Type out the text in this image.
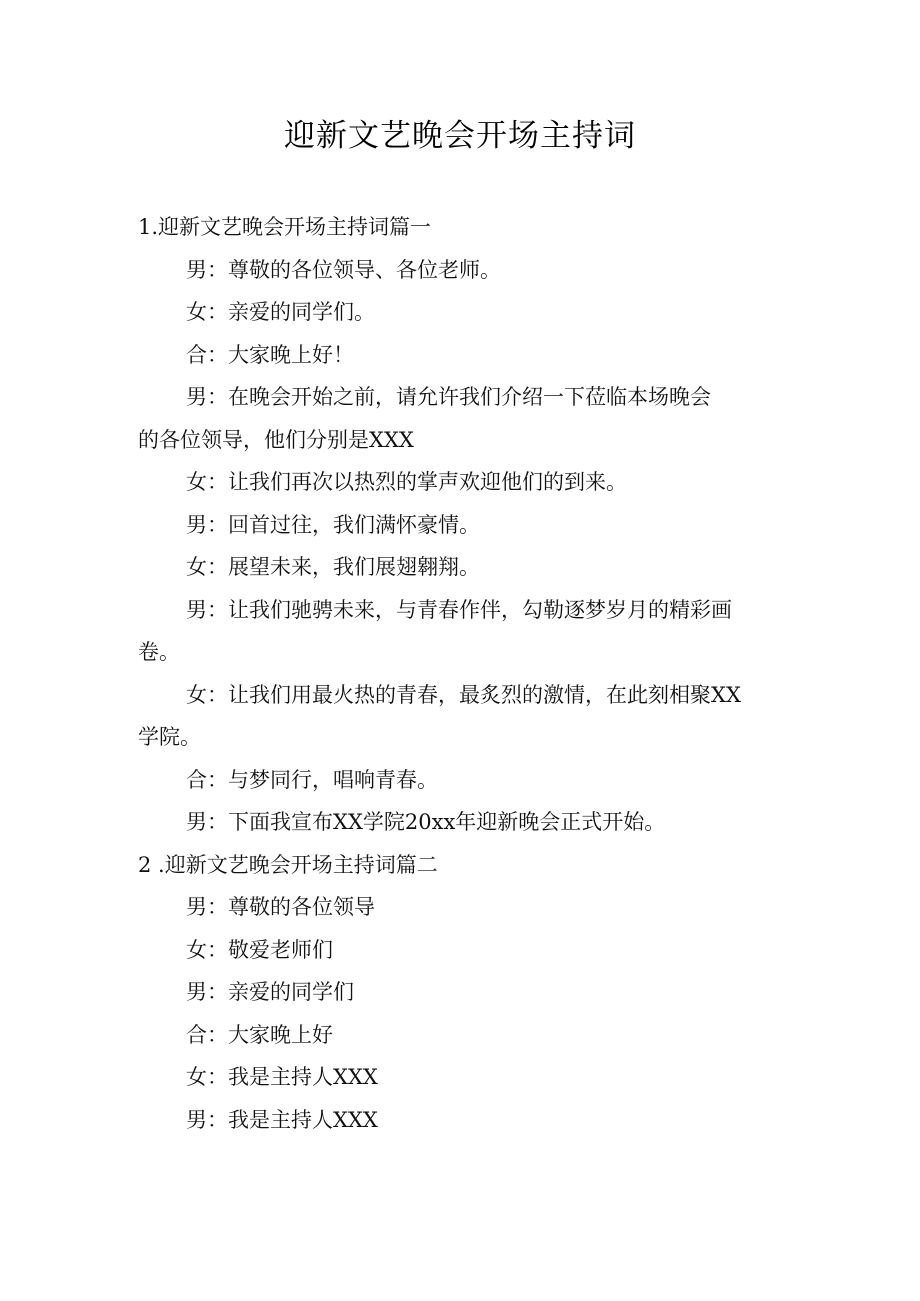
迎新文艺晚会开场主持词
1.迎新文艺晚会开场主持词篇一
男：尊敬的各位领导、各位老师。
女：亲爱的同学们。
合：大家晚上好！
男：在晚会开始之前，请允许我们介绍一下莅临本场晚会
的各位领导，他们分别是XXX
女：让我们再次以热烈的掌声欢迎他们的到来。
男：回首过往，我们满怀豪情。
女：展望未来，我们展翅翱翔。
男：让我们驰骋未来，与青春作伴，勾勒逐梦岁月的精彩画
卷。
女：让我们用最火热的青春，最炙烈的激情，在此刻相聚XX
学院。
合：与梦同行，唱响青春。
男：下面我宣布XX学院20xx年迎新晚会正式开始。
2 .迎新文艺晚会开场主持词篇二
男：尊敬的各位领导
女：敬爱老师们
男：亲爱的同学们
合：大家晚上好
女：我是主持人XXX
男：我是主持人XXX
